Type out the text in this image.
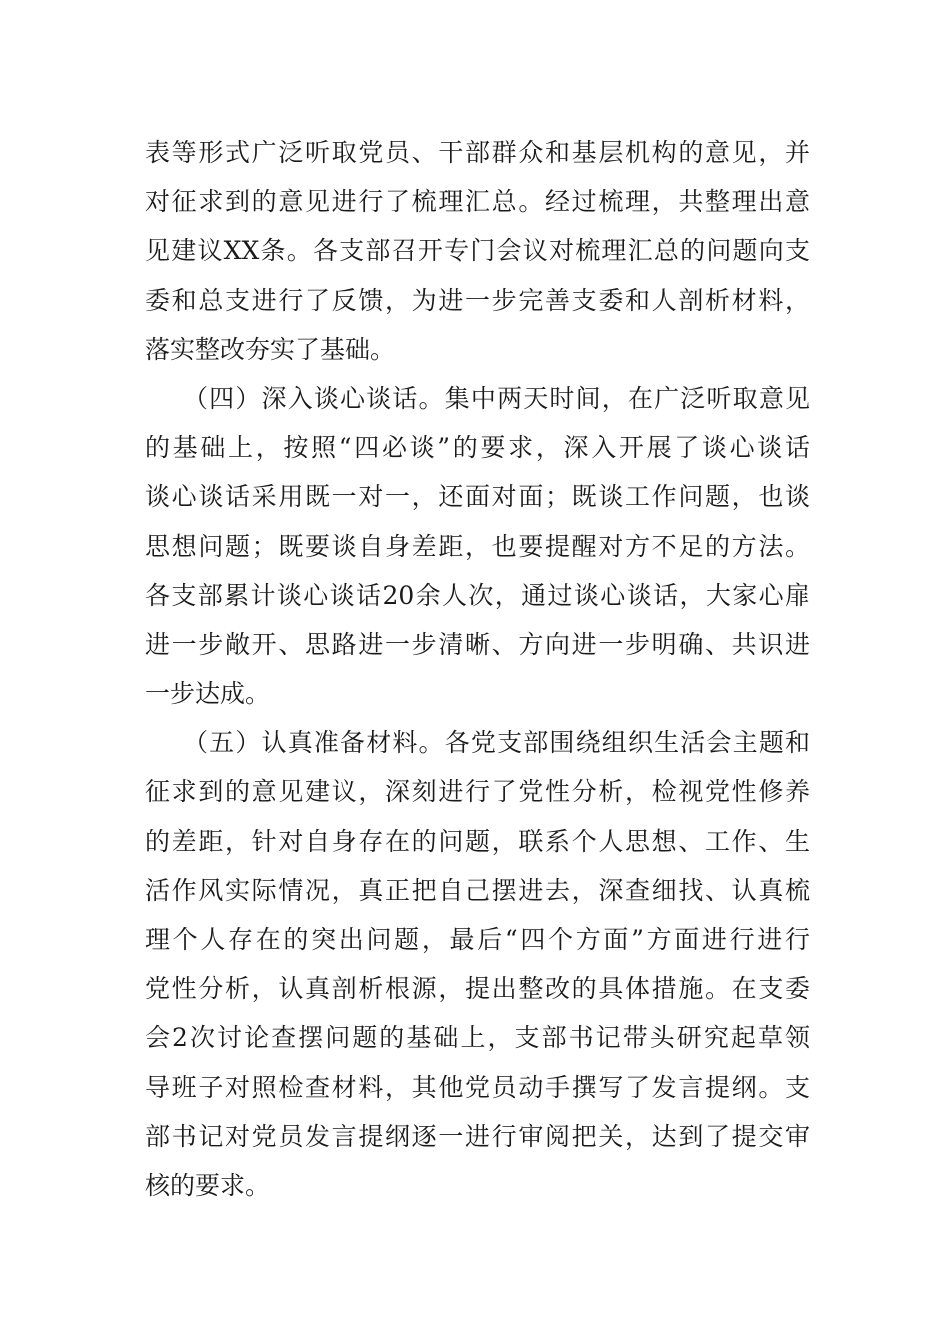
表等形式广泛听取党员、干部群众和基层机构的意见，并
对征求到的意见进行了梳理汇总。经过梳理，共整理出意
见建议XX条。各支部召开专门会议对梳理汇总的问题向支
委和总支进行了反馈，为进一步完善支委和人剖析材料，
落实整改夯实了基础。
（四）深入谈心谈话。集中两天时间，在广泛听取意见
的基础上，按照“四必谈”的要求，深入开展了谈心谈话
谈心谈话采用既一对一，还面对面；既谈工作问题，也谈
思想问题；既要谈自身差距，也要提醒对方不足的方法。
各支部累计谈心谈话20余人次，通过谈心谈话，大家心扉
进一步敞开、思路进一步清晰、方向进一步明确、共识进
一步达成。
（五）认真准备材料。各党支部围绕组织生活会主题和
征求到的意见建议，深刻进行了党性分析，检视党性修养
的差距，针对自身存在的问题，联系个人思想、工作、生
活作风实际情况，真正把自己摆进去，深查细找、认真梳
理个人存在的突出问题，最后“四个方面”方面进行进行
党性分析，认真剖析根源，提出整改的具体措施。在支委
会2次讨论查摆问题的基础上，支部书记带头研究起草领
导班子对照检查材料，其他党员动手撰写了发言提纲。支
部书记对党员发言提纲逐一进行审阅把关，达到了提交审
核的要求。
